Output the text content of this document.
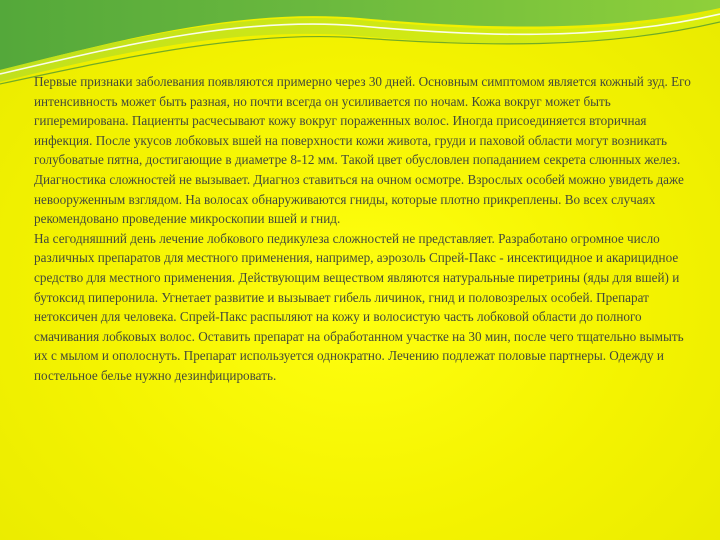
Первые признаки заболевания появляются примерно через 30 дней. Основным симптомом является кожный зуд. Его интенсивность может быть разная, но почти всегда он усиливается по ночам. Кожа вокруг может быть гиперемирована. Пациенты расчесывают кожу вокруг пораженных волос. Иногда присоединяется вторичная инфекция. После укусов лобковых вшей на поверхности кожи живота, груди и паховой области могут возникать голубоватые пятна, достигающие в диаметре 8-12 мм. Такой цвет обусловлен попаданием секрета слюнных желез. Диагностика сложностей не вызывает. Диагноз ставиться на очном осмотре. Взрослых особей можно увидеть даже невооруженным взглядом. На волосах обнаруживаются гниды, которые плотно прикреплены. Во всех случаях рекомендовано проведение микроскопии вшей и гнид.

На сегодняшний день лечение лобкового педикулеза сложностей не представляет. Разработано огромное число различных препаратов для местного применения, например, аэрозоль Спрей-Пакс - инсектицидное и акарицидное средство для местного применения. Действующим веществом являются натуральные пиретрины (яды для вшей) и бутоксид пиперонила. Угнетает развитие и вызывает гибель личинок, гнид и половозрелых особей. Препарат нетоксичен для человека. Спрей-Пакс распыляют на кожу и волосистую часть лобковой области до полного смачивания лобковых волос. Оставить препарат на обработанном участке на 30 мин, после чего тщательно вымыть их с мылом и ополоснуть. Препарат используется однократно. Лечению подлежат половые партнеры. Одежду и постельное белье нужно дезинфицировать.
